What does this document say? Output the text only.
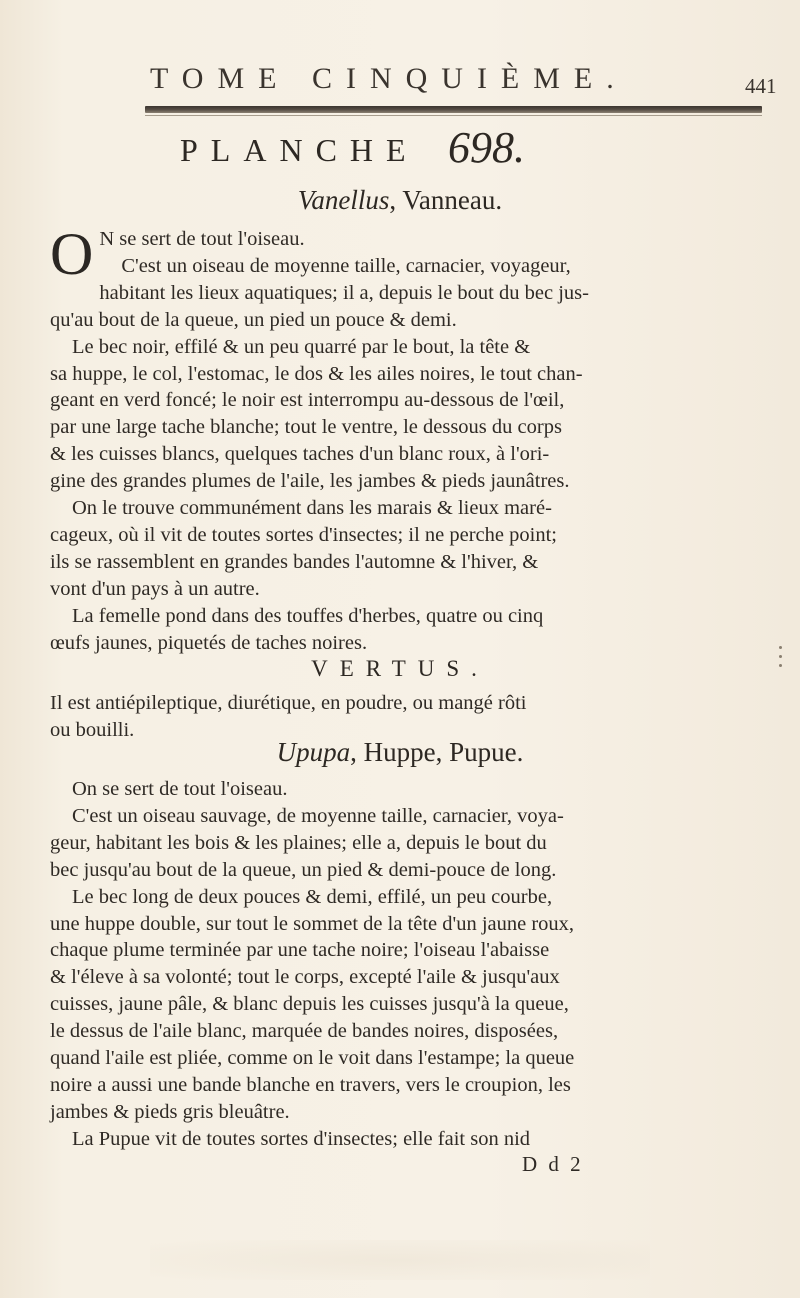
TOME CINQUIÈME.	441
PLANCHE 698.
Vanellus, Vanneau.

O N se sert de tout l'oiseau.

C'est un oiseau de moyenne taille, carnacier, voyageur,

habitant les lieux aquatiques; il a, depuis le bout du bec jus-

qu'au bout de la queue, un pied un pouce & demi.

Le bec noir, effilé & un peu quarré par le bout, la tête &

sa huppe, le col, l'estomac, le dos & les ailes noires, le tout chan-

geant en verd foncé; le noir est interrompu au-dessous de l'œil,

par une large tache blanche; tout le ventre, le dessous du corps

& les cuisses blancs, quelques taches d'un blanc roux, à l'ori-

gine des grandes plumes de l'aile, les jambes & pieds jaunâtres.

On le trouve communément dans les marais & lieux maré-

cageux, où il vit de toutes sortes d'insectes; il ne perche point;

ils se rassemblent en grandes bandes l'automne & l'hiver, &

vont d'un pays à un autre.

La femelle pond dans des touffes d'herbes, quatre ou cinq

œufs jaunes, piquetés de taches noires.

VERTUS.

Il est antiépileptique, diurétique, en poudre, ou mangé rôti

ou bouilli.

Upupa, Huppe, Pupue.

On se sert de tout l'oiseau.

C'est un oiseau sauvage, de moyenne taille, carnacier, voya-

geur, habitant les bois & les plaines; elle a, depuis le bout du

bec jusqu'au bout de la queue, un pied & demi-pouce de long.

Le bec long de deux pouces & demi, effilé, un peu courbe,

une huppe double, sur tout le sommet de la tête d'un jaune roux,

chaque plume terminée par une tache noire; l'oiseau l'abaisse

& l'éleve à sa volonté; tout le corps, excepté l'aile & jusqu'aux

cuisses, jaune pâle, & blanc depuis les cuisses jusqu'à la queue,

le dessus de l'aile blanc, marquée de bandes noires, disposées,

quand l'aile est pliée, comme on le voit dans l'estampe; la queue

noire a aussi une bande blanche en travers, vers le croupion, les

jambes & pieds gris bleuâtre.

La Pupue vit de toutes sortes d'insectes; elle fait son nid

D d 2
